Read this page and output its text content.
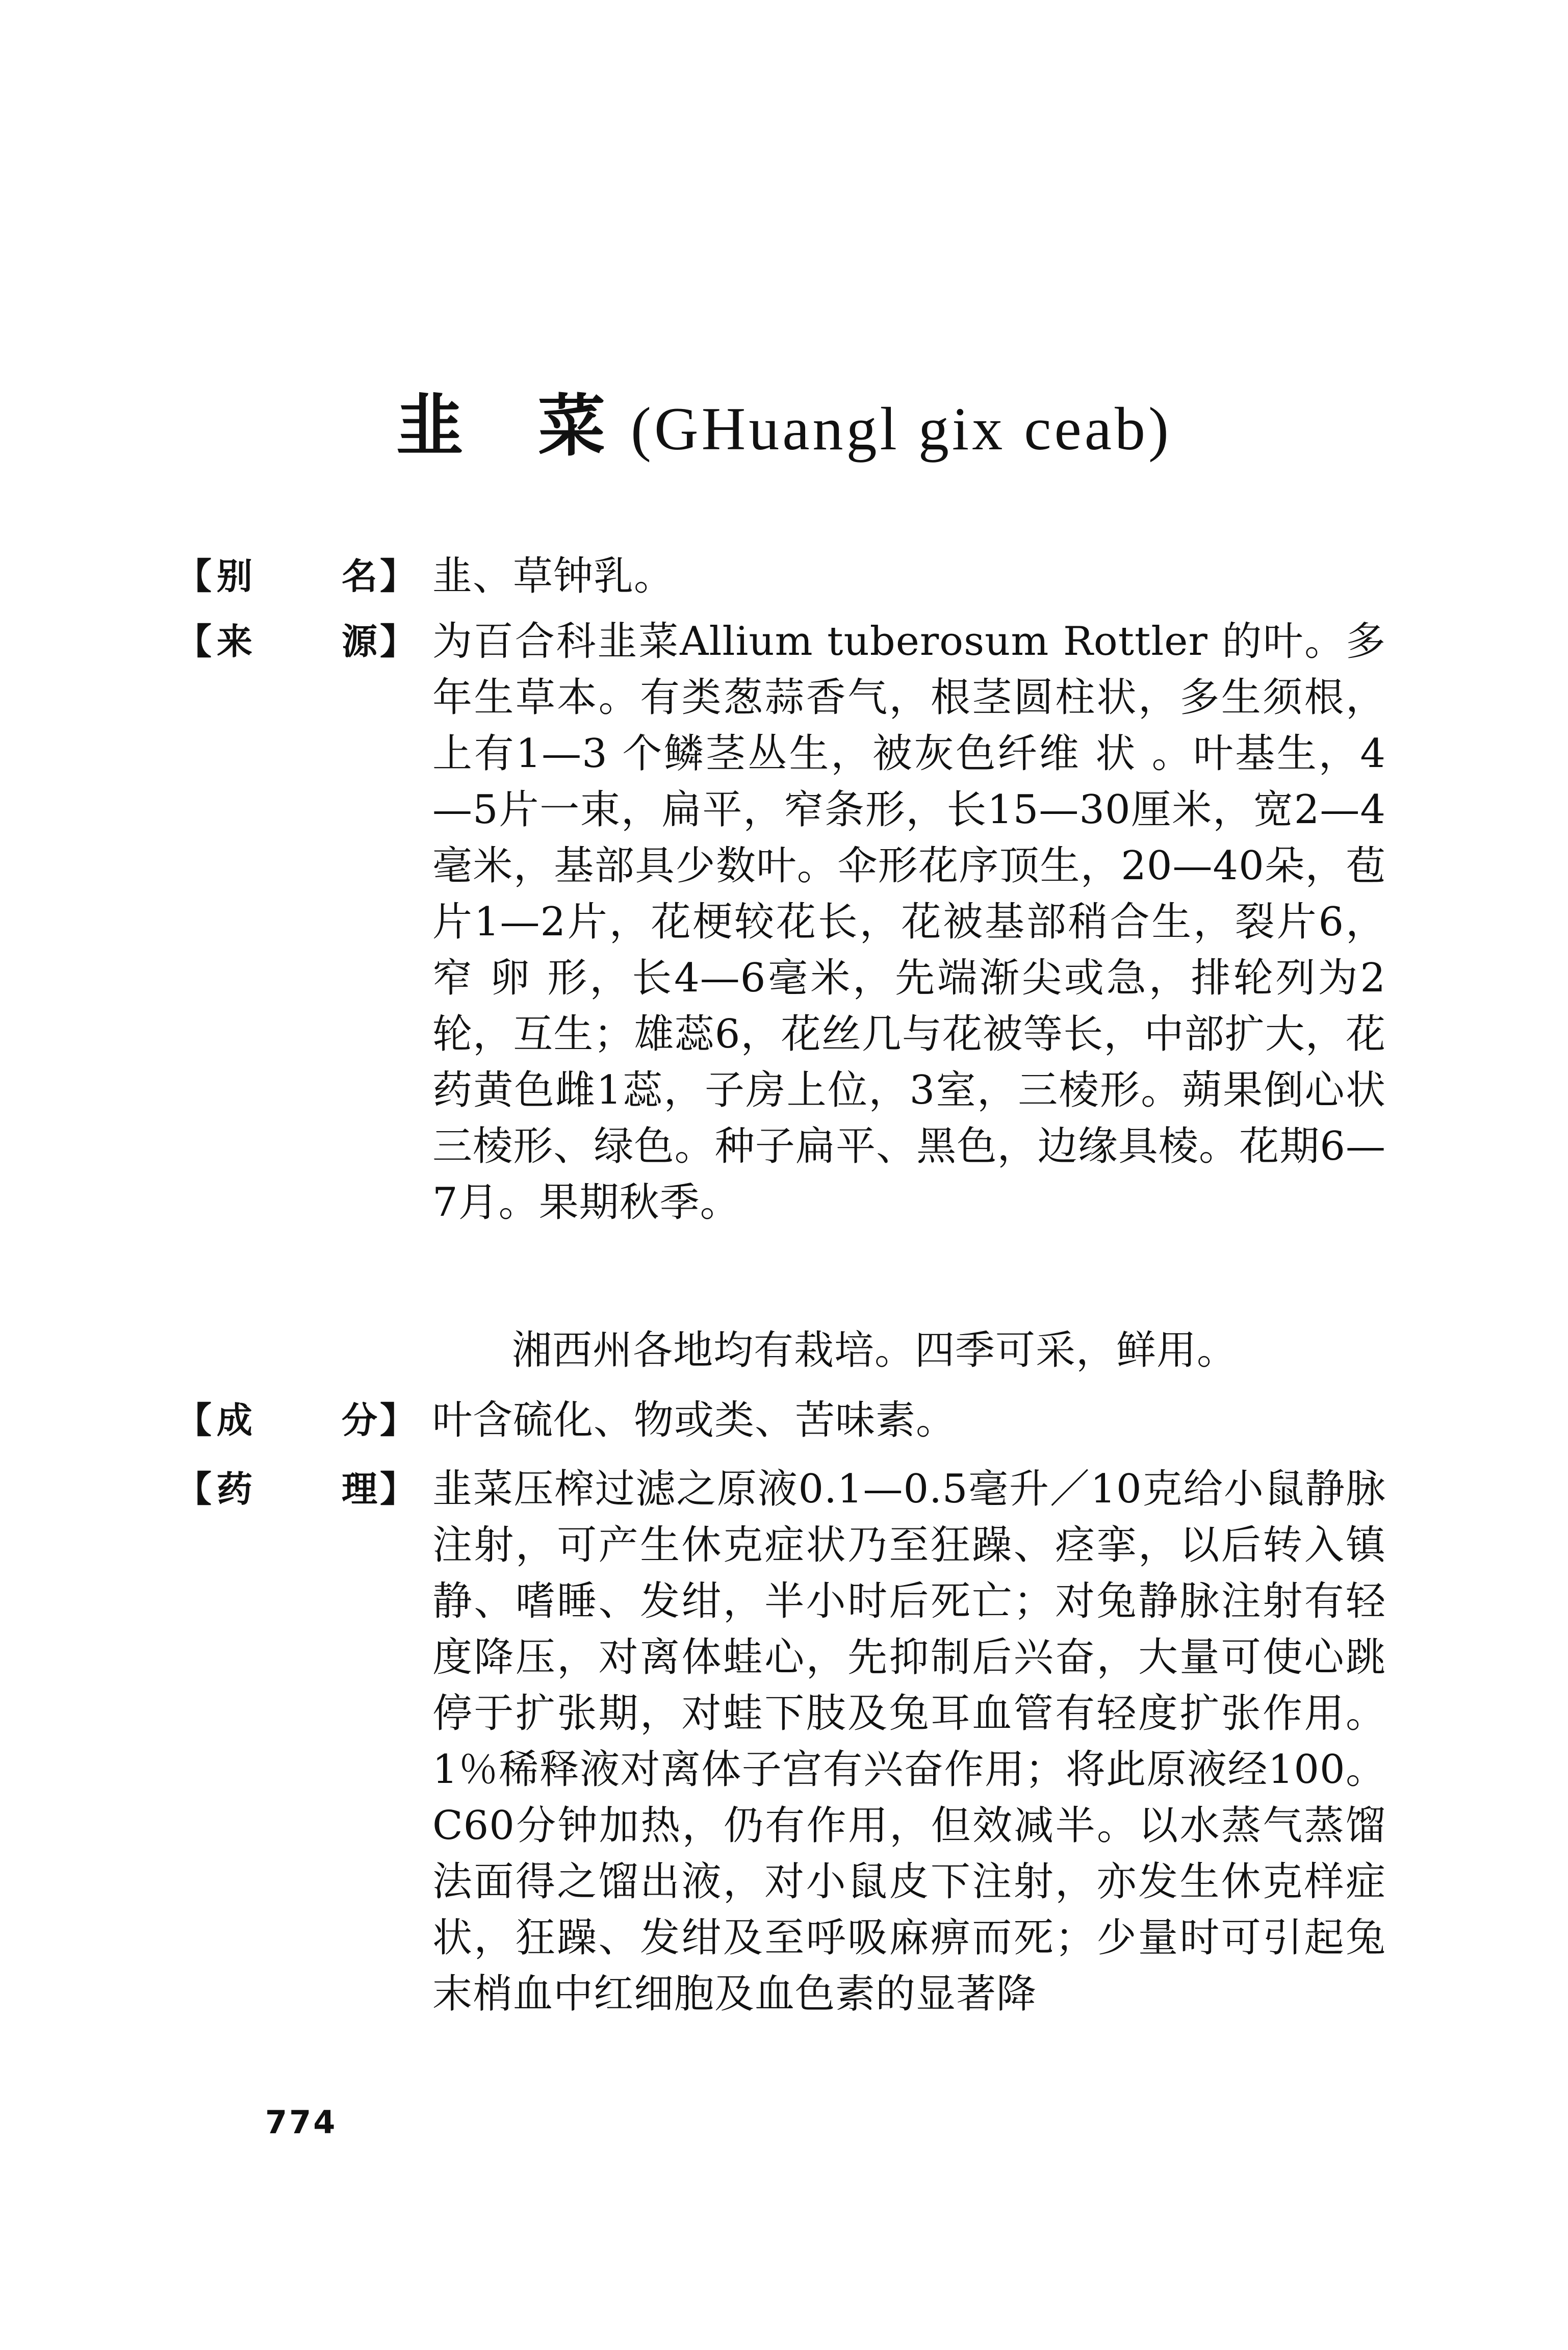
韭 菜(GHuangl gix ceab)
【 别	名 】 韭、草钟乳。
【 来	源 】 为百合科韭菜Allium tuberosum Rottler 的叶。多年生草本。有类葱蒜香气，根茎圆柱状，多生须根，上有1—3 个鳞茎丛生，被灰色纤维 状 。叶基生，4—5片一束，扁平，窄条形，长15—30厘米，宽2—4毫米，基部具少数叶。伞形花序顶生，20—40朵，苞片1—2片，花梗较花长，花被基部稍合生，裂片6，窄 卵 形，长4—6毫米，先端渐尖或急，排轮列为2轮，互生；雄蕊6，花丝几与花被等长，中部扩大，花药黄色雌1蕊，子房上位，3室，三棱形。蒴果倒心状三棱形、绿色。种子扁平、黑色，边缘具棱。花期6—7月。果期秋季。
湘西州各地均有栽培。四季可采，鲜用。
【 成	分 】 叶含硫化、物或类、苦味素。
【 药	理 】 韭菜压榨过滤之原液0.1—0.5毫升／10克给小鼠静脉注射，可产生休克症状乃至狂躁、痉挛，以后转入镇静、嗜睡、发绀，半小时后死亡；对兔静脉注射有轻度降压，对离体蛙心，先抑制后兴奋，大量可使心跳停于扩张期，对蛙下肢及兔耳血管有轻度扩张作用。1％稀释液对离体子宫有兴奋作用；将此原液经100。C60分钟加热，仍有作用，但效减半。以水蒸气蒸馏法面得之馏出液，对小鼠皮下注射，亦发生休克样症状，狂躁、发绀及至呼吸麻痹而死；少量时可引起兔末梢血中红细胞及血色素的显著降
774
